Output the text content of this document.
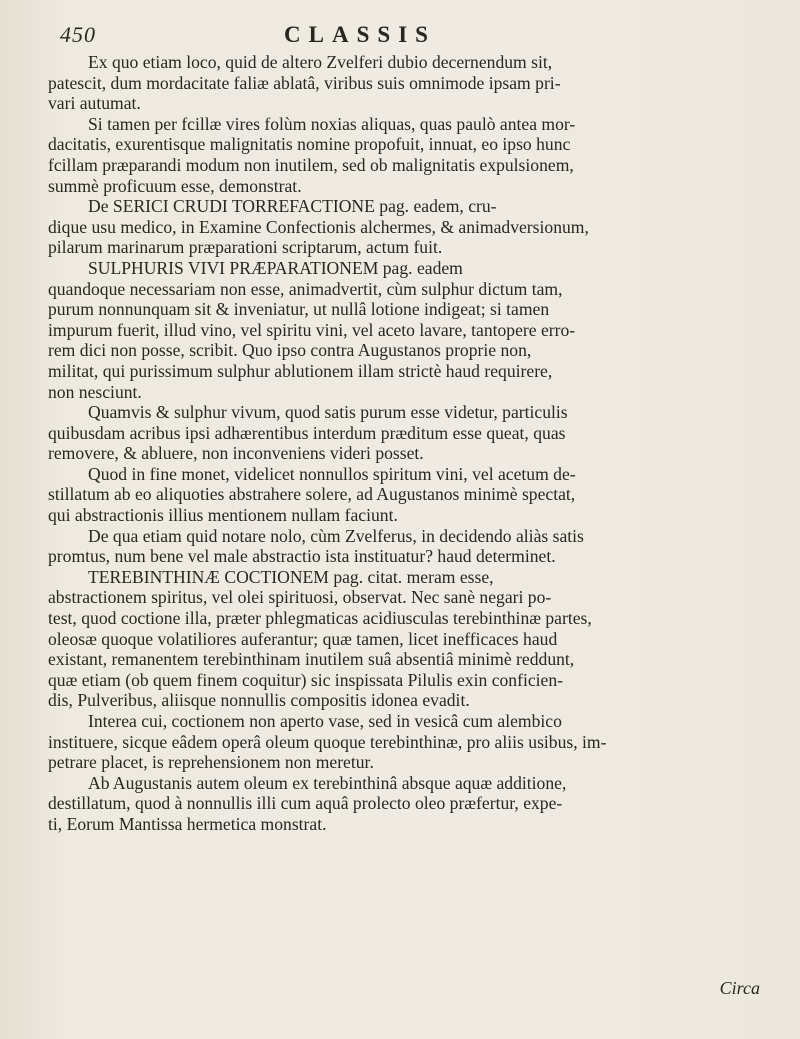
450	CLASSIS
Ex quo etiam loco, quid de altero Zvelferi dubio decernendum sit,
patescit, dum mordacitate faliæ ablatâ, viribus suis omnimode ipsam pri-
vari autumat.
Si tamen per fcillæ vires folùm noxias aliquas, quas paulò antea mor-
dacitatis, exurentisque malignitatis nomine propofuit, innuat, eo ipso hunc
fcillam præparandi modum non inutilem, sed ob malignitatis expulsionem,
summè proficuum esse, demonstrat.
De SERICI CRUDI TORREFACTIONE pag. eadem, cru-
dique usu medico, in Examine Confectionis alchermes, & animadversionum,
pilarum marinarum præparationi scriptarum, actum fuit.
SULPHURIS VIVI PRÆPARATIONEM pag. eadem
quandoque necessariam non esse, animadvertit, cùm sulphur dictum tam,
purum nonnunquam sit & inveniatur, ut nullâ lotione indigeat; si tamen
impurum fuerit, illud vino, vel spiritu vini, vel aceto lavare, tantopere erro-
rem dici non posse, scribit. Quo ipso contra Augustanos proprie non,
militat, qui purissimum sulphur ablutionem illam strictè haud requirere,
non nesciunt.
Quamvis & sulphur vivum, quod satis purum esse videtur, particulis
quibusdam acribus ipsi adhærentibus interdum præditum esse queat, quas
removere, & abluere, non inconveniens videri posset.
Quod in fine monet, videlicet nonnullos spiritum vini, vel acetum de-
stillatum ab eo aliquoties abstrahere solere, ad Augustanos minimè spectat,
qui abstractionis illius mentionem nullam faciunt.
De qua etiam quid notare nolo, cùm Zvelferus, in decidendo aliàs satis
promtus, num bene vel male abstractio ista instituatur? haud determinet.
TEREBINTHINÆ COCTIONEM pag. citat. meram esse,
abstractionem spiritus, vel olei spirituosi, observat. Nec sanè negari po-
test, quod coctione illa, præter phlegmaticas acidiusculas terebinthinæ partes,
oleosæ quoque volatiliores auferantur; quæ tamen, licet inefficaces haud
existant, remanentem terebinthinam inutilem suâ absentiâ minimè reddunt,
quæ etiam (ob quem finem coquitur) sic inspissata Pilulis exin conficien-
dis, Pulveribus, aliisque nonnullis compositis idonea evadit.
Interea cui, coctionem non aperto vase, sed in vesicâ cum alembico
instituere, sicque eâdem operâ oleum quoque terebinthinæ, pro aliis usibus, im-
petrare placet, is reprehensionem non meretur.
Ab Augustanis autem oleum ex terebinthinâ absque aquæ additione,
destillatum, quod à nonnullis illi cum aquâ prolecto oleo præfertur, expe-
ti, Eorum Mantissa hermetica monstrat.
Circa
